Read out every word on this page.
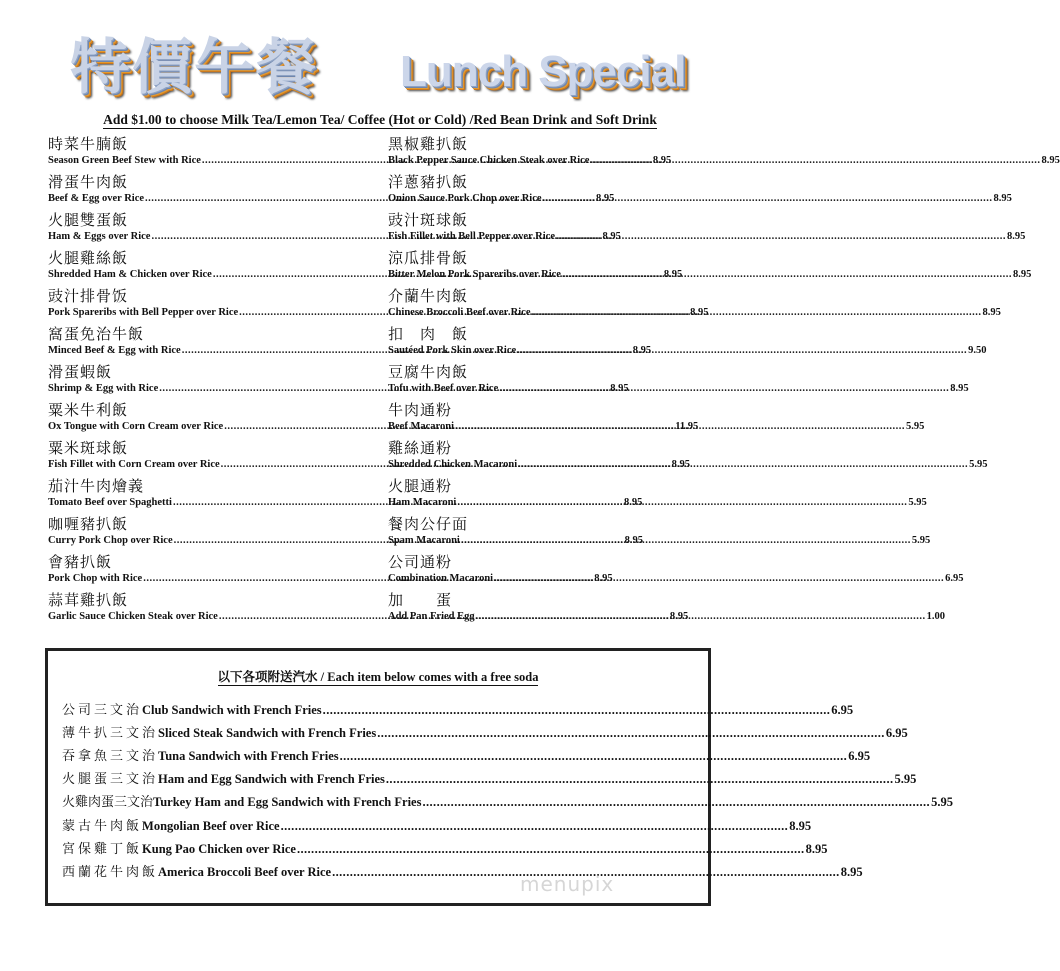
特價午餐 Lunch Special
Add $1.00 to choose Milk Tea/Lemon Tea/ Coffee (Hot or Cold) /Red Bean Drink and Soft Drink
時菜牛腩飯
Season Green Beef Stew with Rice .....	8.95
滑蛋牛肉飯
Beef & Egg over Rice .....	8.95
火腿雙蛋飯
Ham & Eggs over Rice .....	8.95
火腿雞絲飯
Shredded Ham & Chicken over Rice .....	8.95
豉汁排骨饭
Pork Spareribs with Bell Pepper over Rice .....	8.95
窩蛋免治牛飯
Minced Beef & Egg with Rice .....	8.95
滑蛋蝦飯
Shrimp & Egg with Rice .....	8.95
粟米牛利飯
Ox Tongue with Corn Cream over Rice .....	11.95
粟米斑球飯
Fish Fillet with Corn Cream over Rice .....	8.95
茄汁牛肉燴義
Tomato Beef over Spaghetti .....	8.95
咖喱豬扒飯
Curry Pork Chop over Rice .....	8.95
會豬扒飯
Pork Chop with Rice .....	8.95
蒜茸雞扒飯
Garlic Sauce Chicken Steak over Rice .....	8.95
黑椒雞扒飯
Black Pepper Sauce Chicken Steak over Rice .....	8.95
洋蔥豬扒飯
Onion Sauce Pork Chop over Rice .....	8.95
豉汁斑球飯
Fish Fillet with Bell Pepper over Rice .....	8.95
涼瓜排骨飯
Bitter Melon Pork Spareribs over Rice .....	8.95
介蘭牛肉飯
Chinese Broccoli Beef over Rice .....	8.95
扣　肉　飯
Sautéed Pork Skin over Rice .....	9.50
豆腐牛肉飯
Tofu with Beef over Rice .....	8.95
牛肉通粉
Beef Macaroni .....	5.95
雞絲通粉
Shredded Chicken Macaroni .....	5.95
火腿通粉
Ham Macaroni .....	5.95
餐肉公仔面
Spam Macaroni .....	5.95
公司通粉
Combination Macaroni .....	6.95
加　　蛋
Add Pan Fried Egg .....	1.00
以下各项附送汽水 / Each item below comes with a free soda
公司三文治 Club Sandwich with French Fries .....	6.95
薄牛扒三文治 Sliced Steak Sandwich with French Fries .....	6.95
吞拿魚三文治 Tuna Sandwich with French Fries .....	6.95
火腿蛋三文治 Ham and Egg Sandwich with French Fries .....	5.95
火雞肉蛋三文治 Turkey Ham and Egg Sandwich with French Fries .....	5.95
蒙古牛肉飯 Mongolian Beef over Rice .....	8.95
宮保雞丁飯 Kung Pao Chicken over Rice .....	8.95
西蘭花牛肉飯 America Broccoli Beef over Rice .....	8.95
menupix
